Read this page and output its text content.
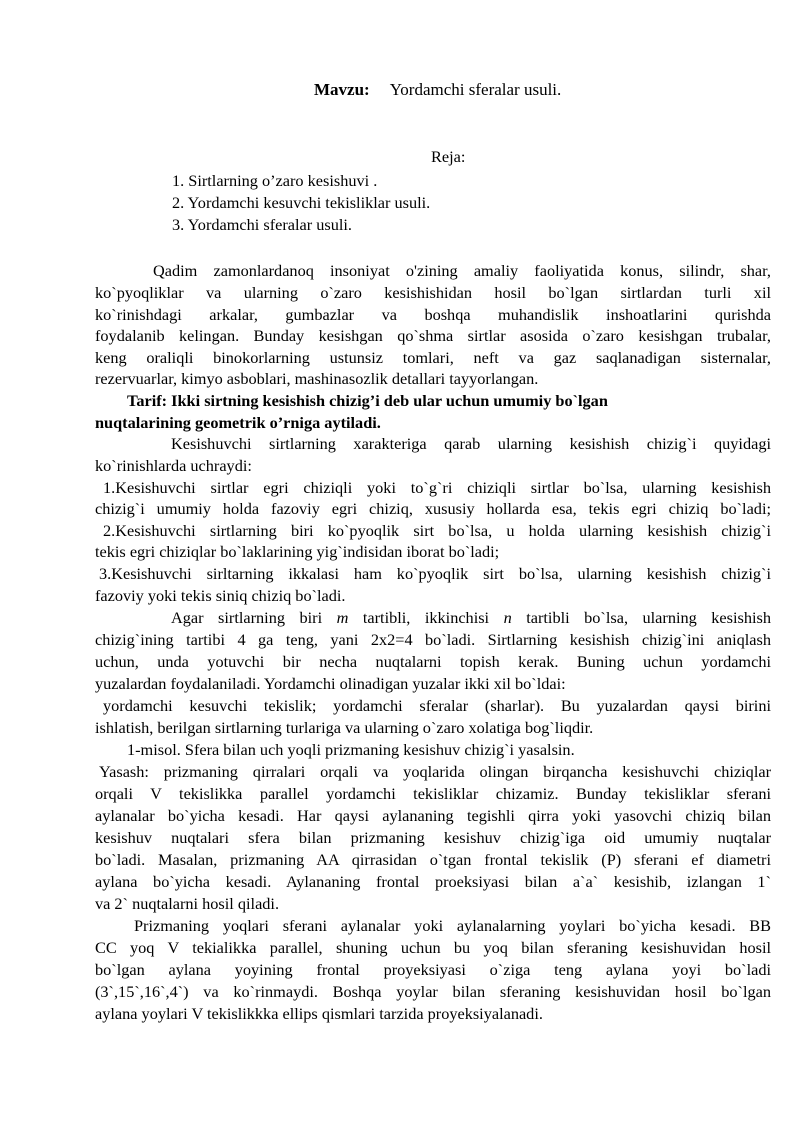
Mavzu: Yordamchi sferalar usuli.
Reja:
1. Sirtlarning o’zaro kesishuvi .
2. Yordamchi kesuvchi tekisliklar usuli.
3. Yordamchi sferalar usuli.
Qadim zamonlardanoq insoniyat o'zining amaliy faoliyatida konus, silindr, shar,
ko`pyoqliklar va ularning o`zaro kesishishidan hosil bo`lgan sirtlardan turli xil
ko`rinishdagi arkalar, gumbazlar va boshqa muhandislik inshoatlarini qurishda
foydalanib kelingan. Bunday kesishgan qo`shma sirtlar asosida o`zaro kesishgan trubalar,
keng oraliqli binokorlarning ustunsiz tomlari, neft va gaz saqlanadigan sisternalar,
rezervuarlar, kimyo asboblari, mashinasozlik detallari tayyorlangan.
Tarif: Ikki sirtning kesishish chizig’i deb ular uchun umumiy bo`lgan
nuqtalarining geometrik o’rniga aytiladi.
Kesishuvchi sirtlarning xarakteriga qarab ularning kesishish chizig`i quyidagi
ko`rinishlarda uchraydi:
1.Kesishuvchi sirtlar egri chiziqli yoki to`g`ri chiziqli sirtlar bo`lsa, ularning kesishish
chizig`i umumiy holda fazoviy egri chiziq, xususiy hollarda esa, tekis egri chiziq bo`ladi;
2.Kesishuvchi sirtlarning biri ko`pyoqlik sirt bo`lsa, u holda ularning kesishish chizig`i
tekis egri chiziqlar bo`laklarining yig`indisidan iborat bo`ladi;
3.Kesishuvchi sirltarning ikkalasi ham ko`pyoqlik sirt bo`lsa, ularning kesishish chizig`i
fazoviy yoki tekis siniq chiziq bo`ladi.
Agar sirtlarning biri m tartibli, ikkinchisi n tartibli bo`lsa, ularning kesishish
chizig`ining tartibi 4 ga teng, yani 2x2=4 bo`ladi. Sirtlarning kesishish chizig`ini aniqlash
uchun, unda yotuvchi bir necha nuqtalarni topish kerak. Buning uchun yordamchi
yuzalardan foydalaniladi. Yordamchi olinadigan yuzalar ikki xil bo`ldai:
yordamchi kesuvchi tekislik; yordamchi sferalar (sharlar). Bu yuzalardan qaysi birini
ishlatish, berilgan sirtlarning turlariga va ularning o`zaro xolatiga bog`liqdir.
1-misol. Sfera bilan uch yoqli prizmaning kesishuv chizig`i yasalsin.
Yasash: prizmaning qirralari orqali va yoqlarida olingan birqancha kesishuvchi chiziqlar
orqali V tekislikka parallel yordamchi tekisliklar chizamiz. Bunday tekisliklar sferani
aylanalar bo`yicha kesadi. Har qaysi aylananing tegishli qirra yoki yasovchi chiziq bilan
kesishuv nuqtalari sfera bilan prizmaning kesishuv chizig`iga oid umumiy nuqtalar
bo`ladi. Masalan, prizmaning AA qirrasidan o`tgan frontal tekislik (P) sferani ef diametri
aylana bo`yicha kesadi. Aylananing frontal proeksiyasi bilan a`a` kesishib, izlangan 1`
va 2` nuqtalarni hosil qiladi.
Prizmaning yoqlari sferani aylanalar yoki aylanalarning yoylari bo`yicha kesadi. BB
CC yoq V tekialikka parallel, shuning uchun bu yoq bilan sferaning kesishuvidan hosil
bo`lgan aylana yoyining frontal proyeksiyasi o`ziga teng aylana yoyi bo`ladi
(3`,15`,16`,4`) va ko`rinmaydi. Boshqa yoylar bilan sferaning kesishuvidan hosil bo`lgan
aylana yoylari V tekislikkka ellips qismlari tarzida proyeksiyalanadi.
